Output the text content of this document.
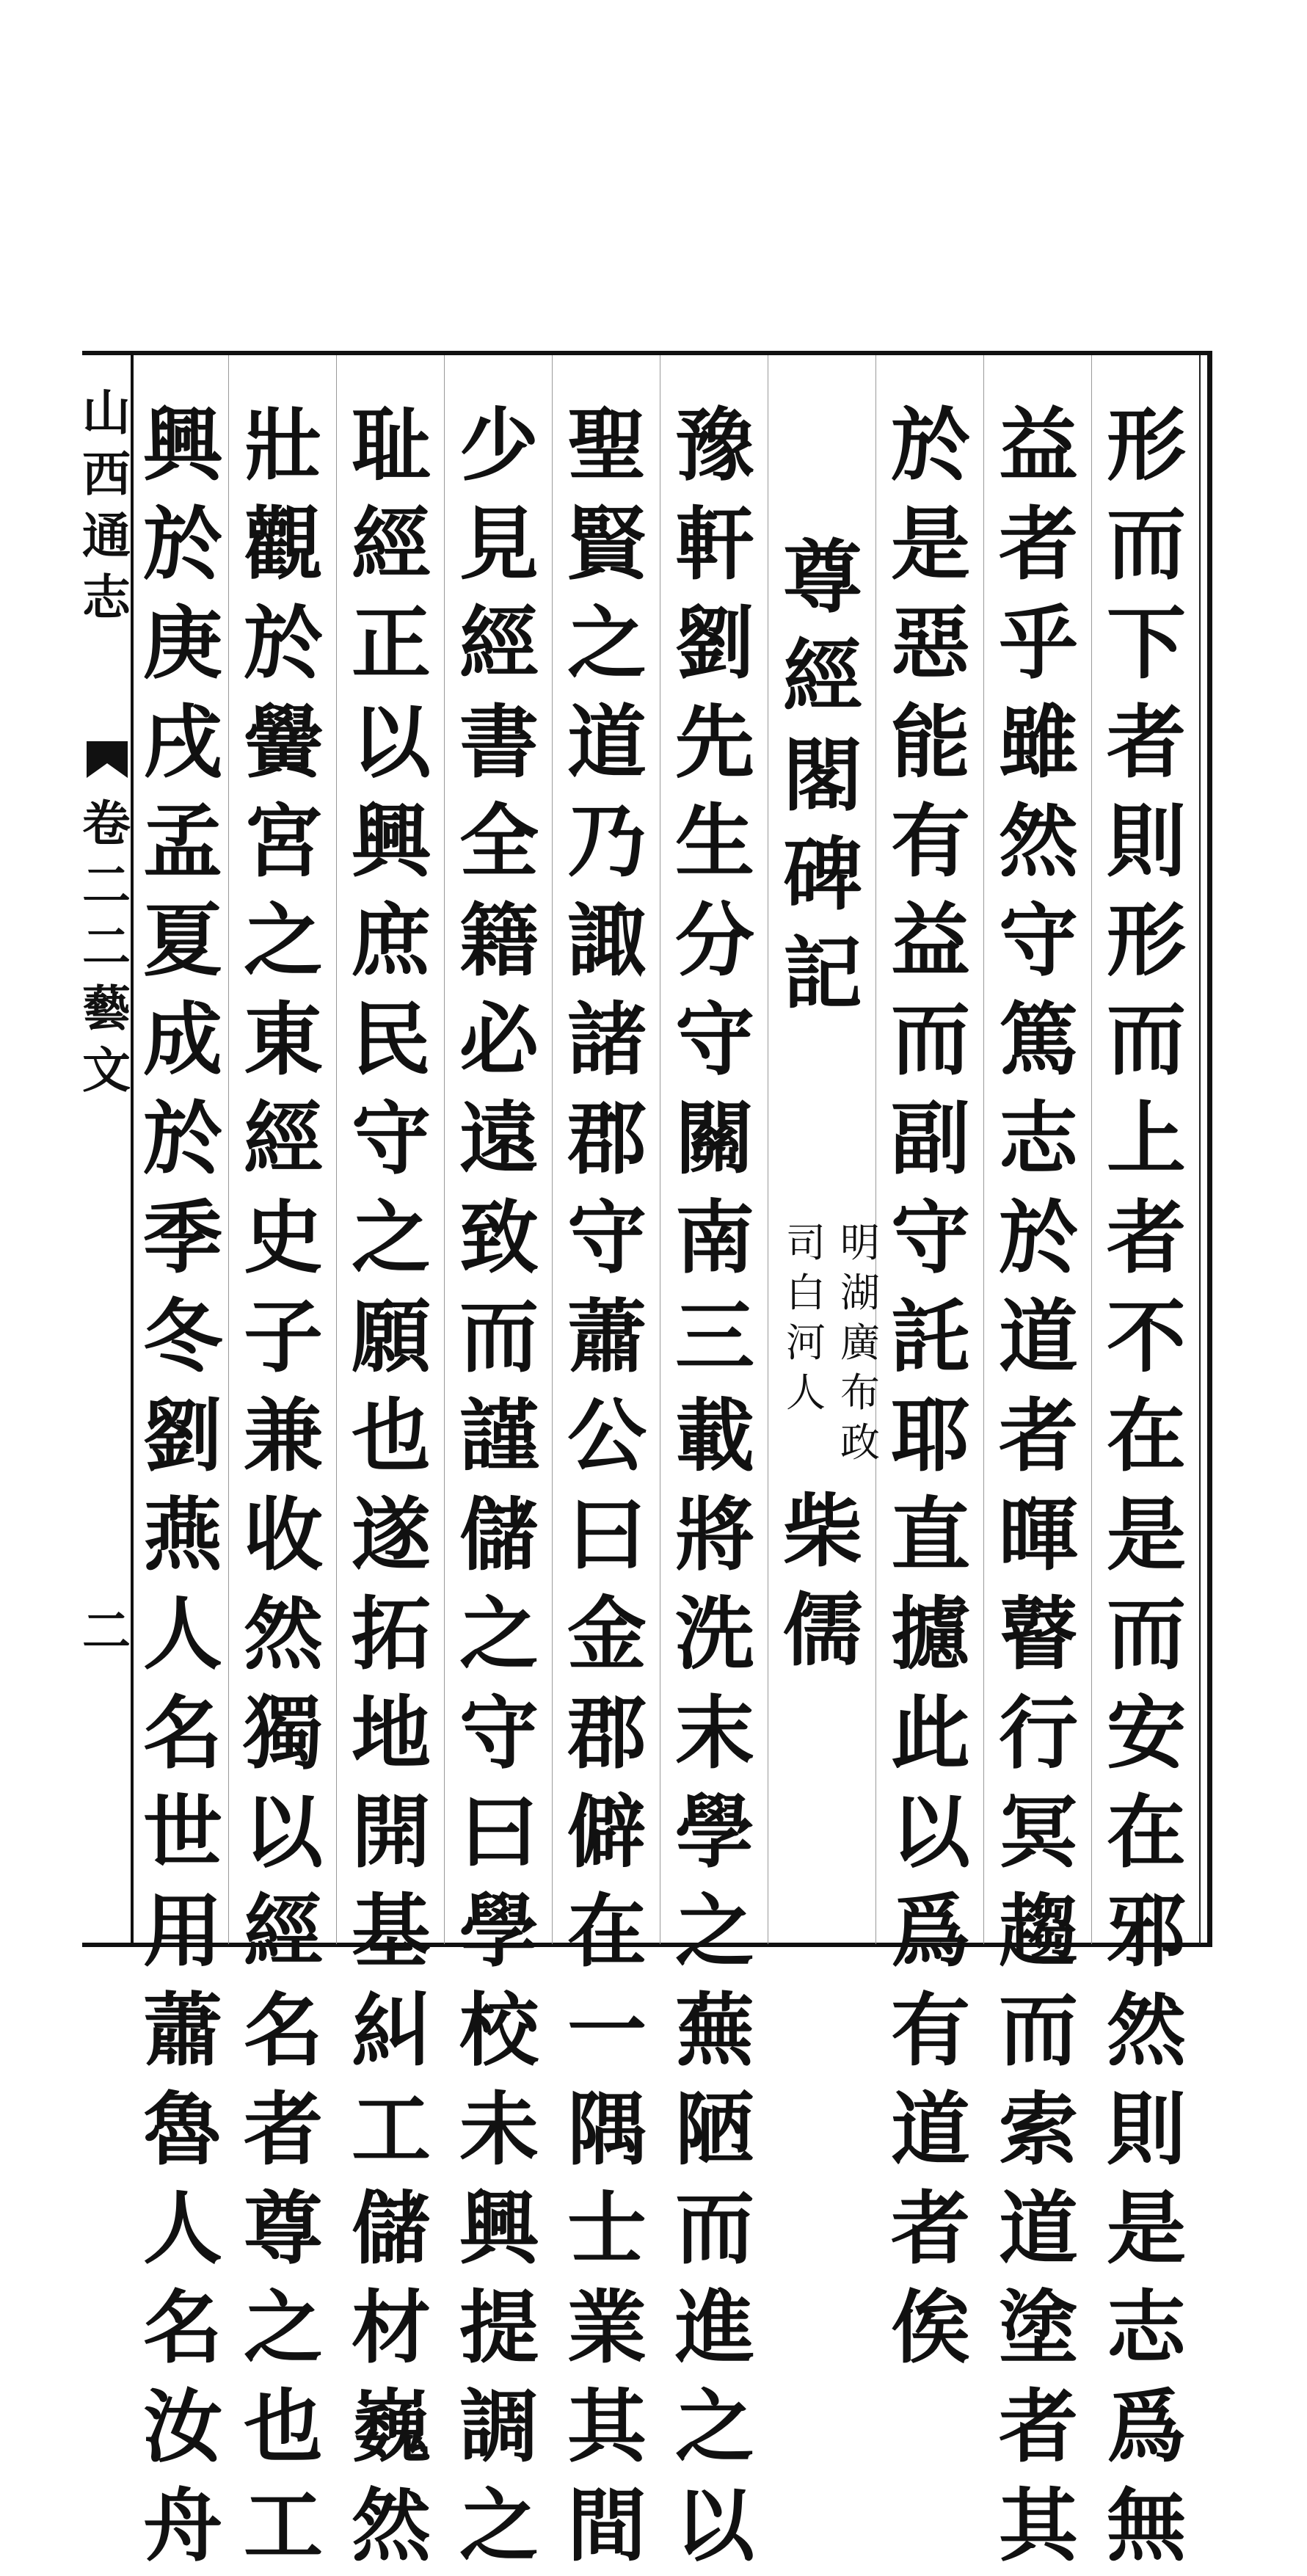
形
而
下
者
則
形
而
上
者
不
在
是
而
安
在
邪
然
則
是
志
爲
無
益
者
乎
雖
然
守
篤
志
於
道
者
暉
瞽
行
冥
趨
而
索
道
塗
者
其
於
是
惡
能
有
益
而
副
守
託
耶
直
攄
此
以
爲
有
道
者
俟
尊
經
閣
碑
記
明
湖
廣
布
政
司
白
河
人
柴
儒
豫
軒
劉
先
生
分
守
關
南
三
載
將
洗
末
學
之
蕪
陋
而
進
之
以
聖
賢
之
道
乃
諏
諸
郡
守
蕭
公
曰
金
郡
僻
在
一
隅
士
業
其
間
少
見
經
書
全
籍
必
遠
致
而
謹
儲
之
守
曰
學
校
未
興
提
調
之
耻
經
正
以
興
庶
民
守
之
願
也
遂
拓
地
開
基
糾
工
儲
材
巍
然
壯
觀
於
黌
宮
之
東
經
史
子
兼
收
然
獨
以
經
名
者
尊
之
也
工
興
於
庚
戌
孟
夏
成
於
季
冬
劉
燕
人
名
世
用
蕭
魯
人
名
汝
舟
山
西
通
志
卷
二
二
藝
文
二
